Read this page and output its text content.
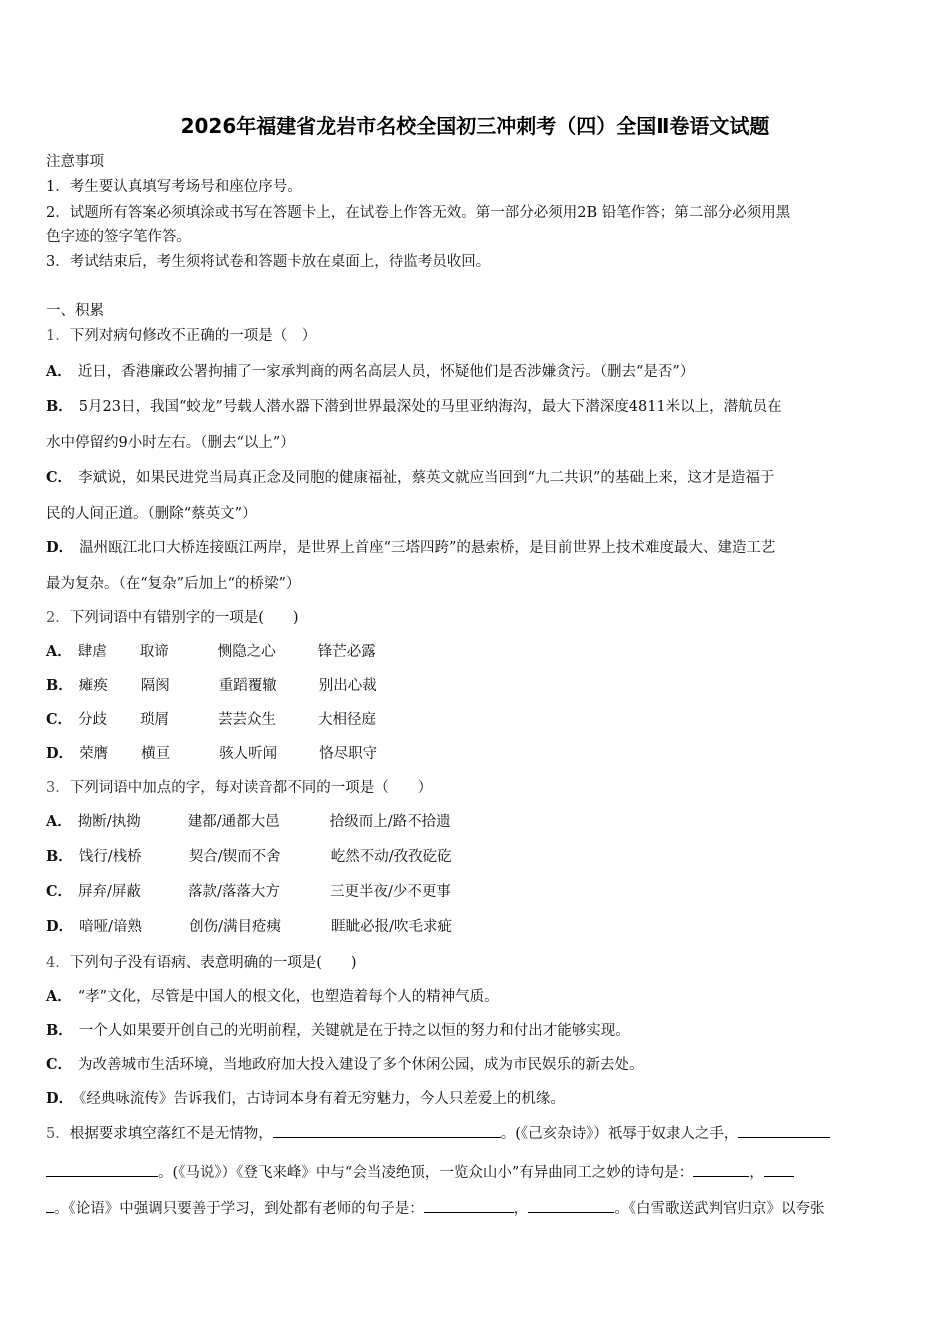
2026年福建省龙岩市名校全国初三冲刺考（四）全国Ⅱ卷语文试题
注意事项
1．考生要认真填写考场号和座位序号。
2．试题所有答案必须填涂或书写在答题卡上，在试卷上作答无效。第一部分必须用2B 铅笔作答；第二部分必须用黑
色字迹的签字笔作答。
3．考试结束后，考生须将试卷和答题卡放在桌面上，待监考员收回。
一、积累
1．下列对病句修改不正确的一项是（　）
A． 近日，香港廉政公署拘捕了一家承判商的两名高层人员，怀疑他们是否涉嫌贪污。（删去“是否”）
B． 5月23日，我国“蛟龙”号载人潜水器下潜到世界最深处的马里亚纳海沟，最大下潜深度4811米以上，潜航员在
水中停留约9小时左右。（删去“以上”）
C． 李斌说，如果民进党当局真正念及同胞的健康福祉，蔡英文就应当回到“九二共识”的基础上来，这才是造福于
民的人间正道。（删除“蔡英文”）
D． 温州瓯江北口大桥连接瓯江两岸，是世界上首座“三塔四跨”的悬索桥，是目前世界上技术难度最大、建造工艺
最为复杂。（在“复杂”后加上“的桥梁”）
2．下列词语中有错别字的一项是(　　)
A． 肆虐 取谛	恻隐之心	锋芒必露
B． 瘫痪 隔阂	重蹈覆辙	别出心裁
C． 分歧 琐屑	芸芸众生	大相径庭
D． 荣膺 横亘	骇人听闻	恪尽职守
3．下列词语中加点的字，每对读音都不同的一项是（　　）
A． 拗断/执拗	建都/通都大邑	拾级而上/路不拾遗
B． 饯行/栈桥	契合/锲而不舍	屹然不动/孜孜矻矻
C． 屏弃/屏蔽	落款/落落大方	三更半夜/少不更事
D． 喑哑/谙熟	创伤/满目疮痍	睚眦必报/吹毛求疵
4．下列句子没有语病、表意明确的一项是(　　)
A． “孝”文化，尽管是中国人的根文化，也塑造着每个人的精神气质。
B． 一个人如果要开创自己的光明前程，关键就是在于持之以恒的努力和付出才能够实现。
C． 为改善城市生活环境，当地政府加大投入建设了多个休闲公园，成为市民娱乐的新去处。
D． 《经典咏流传》告诉我们，古诗词本身有着无穷魅力，今人只差爱上的机缘。
5．根据要求填空落红不是无情物，	。(《己亥杂诗》）祇辱于奴隶人之手，
。(《马说》）《登飞来峰》中与“会当凌绝顶，一览众山小”有异曲同工之妙的诗句是：	，
。《论语》中强调只要善于学习，到处都有老师的句子是：	，	。《白雪歌送武判官归京》以夸张
